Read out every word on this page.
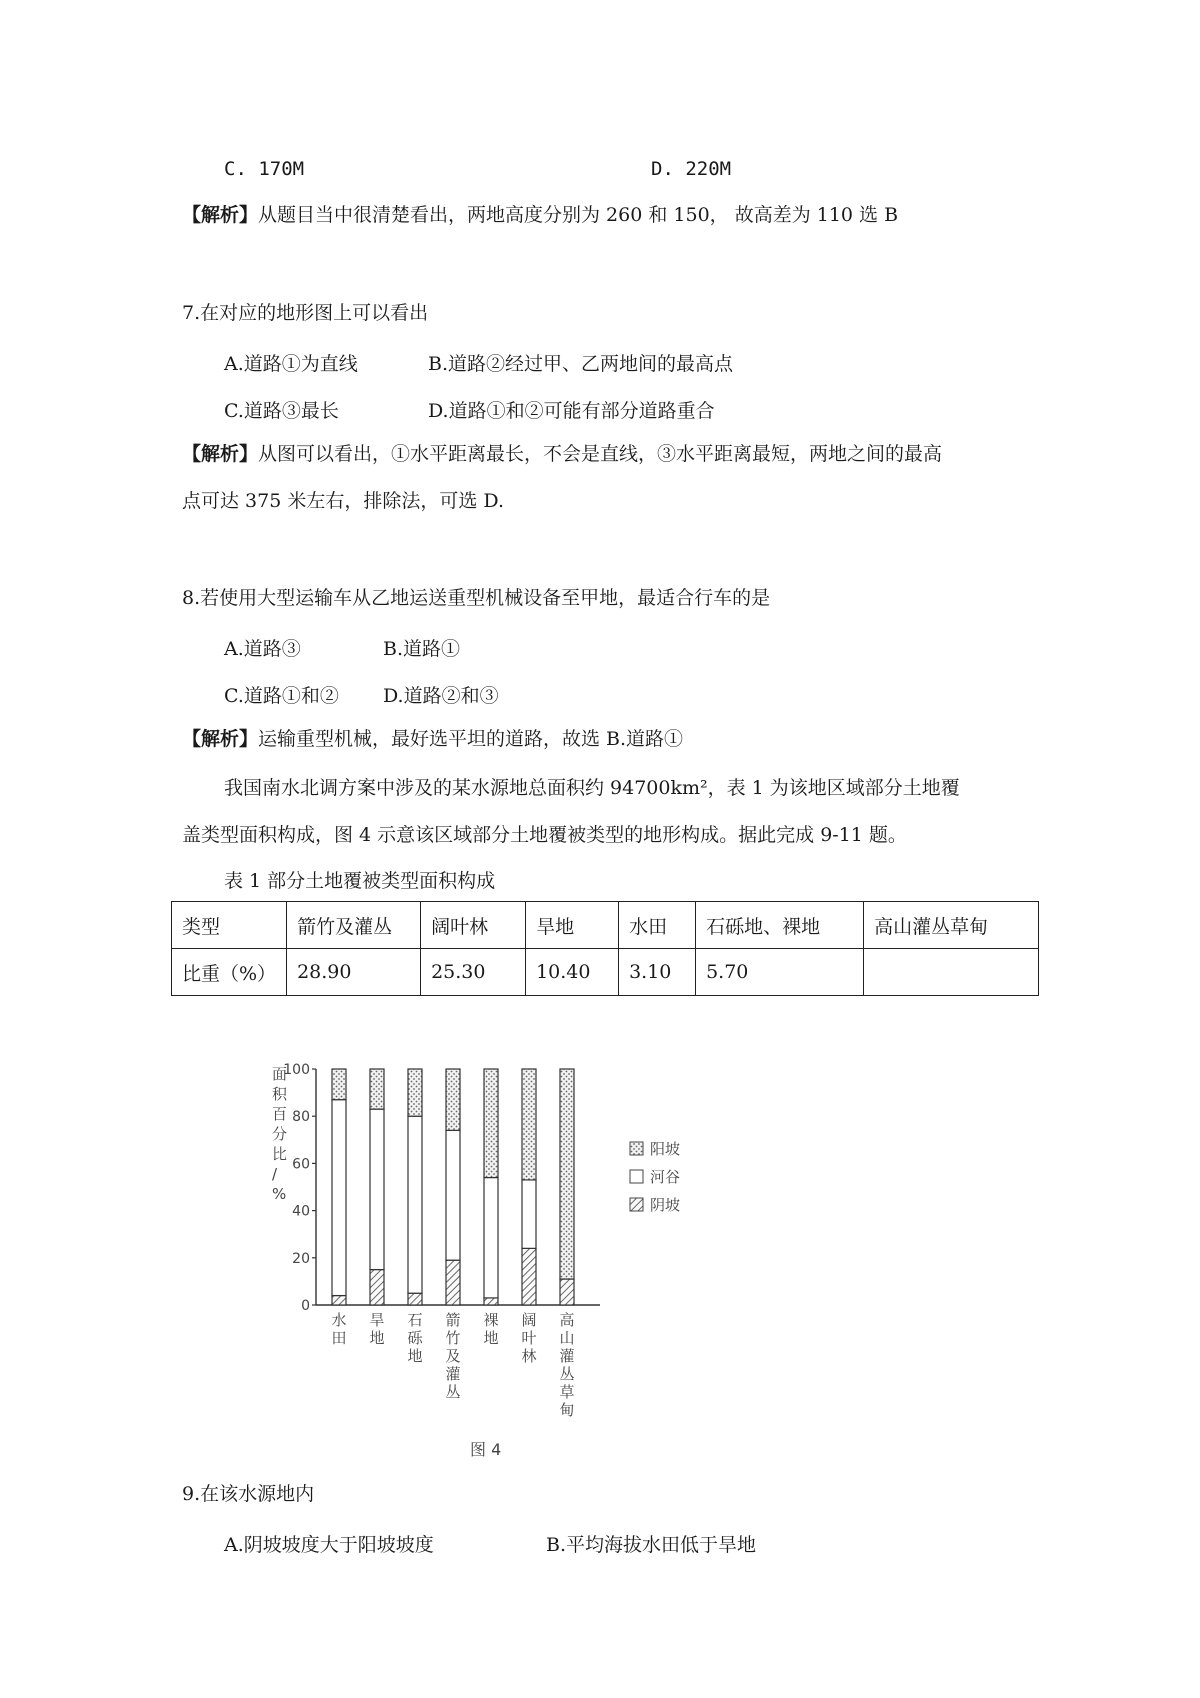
C. 170M	D. 220M
【解析】从题目当中很清楚看出，两地高度分别为 260 和 150， 故高差为 110 选 B
7.在对应的地形图上可以看出
A.道路①为直线	B.道路②经过甲、乙两地间的最高点
C.道路③最长	D.道路①和②可能有部分道路重合
【解析】从图可以看出，①水平距离最长，不会是直线，③水平距离最短，两地之间的最高
点可达 375 米左右，排除法，可选 D.
8.若使用大型运输车从乙地运送重型机械设备至甲地，最适合行车的是
A.道路③	B.道路①
C.道路①和② D.道路②和③
【解析】运输重型机械，最好选平坦的道路，故选 B.道路①
我国南水北调方案中涉及的某水源地总面积约 94700km²，表 1 为该地区域部分土地覆
盖类型面积构成，图 4 示意该区域部分土地覆被类型的地形构成。据此完成 9-11 题。
表 1 部分土地覆被类型面积构成
类型	箭竹及灌丛	阔叶林	旱地	水田	石砾地、裸地	高山灌丛草甸
比重（%）	28.90	25.30	10.40	3.10	5.70	
面
积
百
分
比
/
%
0
20
40
60
80
100
水田
旱地
石砾地
箭竹及灌丛
裸地
阔叶林
高山灌丛草甸
阳坡
河谷
阴坡
图 4
9.在该水源地内
A.阴坡坡度大于阳坡坡度	B.平均海拔水田低于旱地
